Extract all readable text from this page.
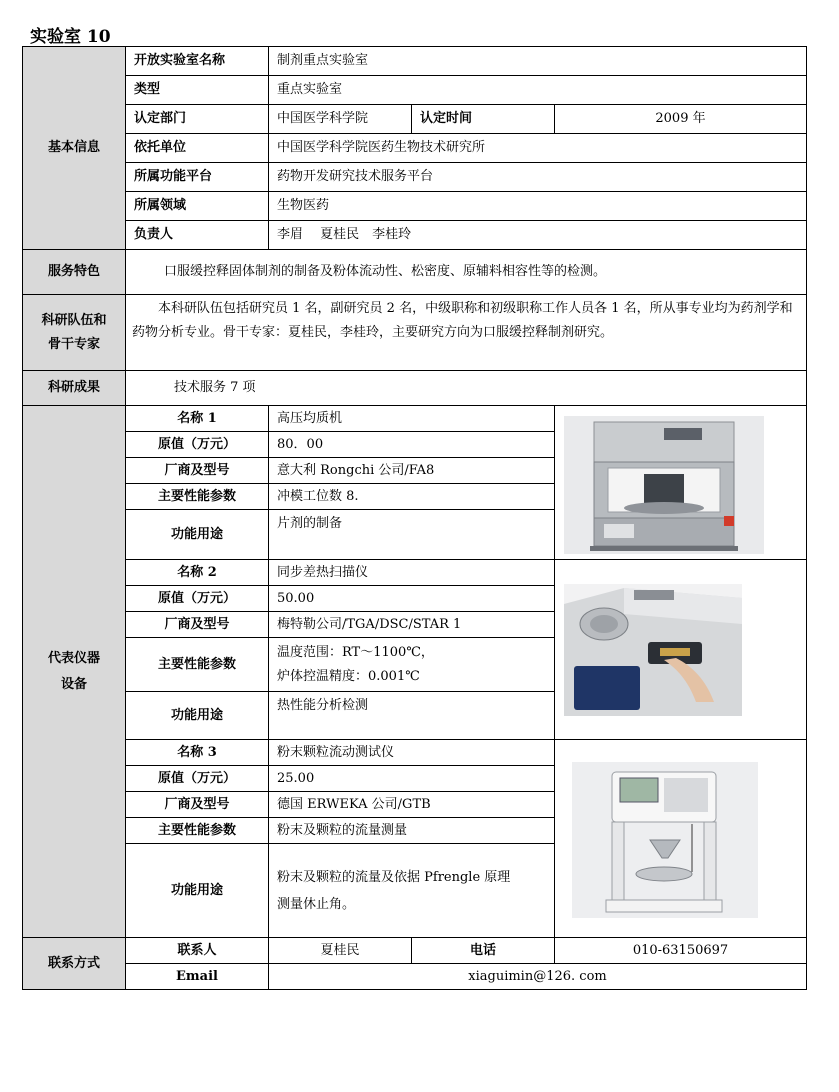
实验室 10
基本信息	开放实验室名称	制剂重点实验室		
	类型	重点实验室		
	认定部门	中国医学科学院	认定时间	2009 年
	依托单位	中国医学科学院医药生物技术研究所		
	所属功能平台	药物开发研究技术服务平台		
	所属领域	生物医药		
	负责人	李眉　 夏桂民　李桂玲		
服务特色	口服缓控释固体制剂的制备及粉体流动性、松密度、原辅料相容性等的检测。			

科研队伍和
骨干专家	本科研队伍包括研究员 1 名，副研究员 2 名，中级职称和初级职称工作人员各 1 名，所从事专业均为药剂学和药物分析专业。骨干专家：夏桂民，李桂玲，主要研究方向为口服缓控释制剂研究。			
科研成果	技术服务 7 项			

代表仪器
设备	名称 1	高压均质机	

	原值（万元）	80．00		
	厂商及型号	意大利 Rongchi 公司/FA8		
	主要性能参数	冲模工位数 8.		
	功能用途	片剂的制备		
	名称 2	同步差热扫描仪	

	原值（万元）	50.00		
	厂商及型号	梅特勒公司/TGA/DSC/STAR 1		
	主要性能参数	温度范围：RT～1100℃，
炉体控温精度：0.001℃		

	功能用途	热性能分析检测		
	名称 3	粉末颗粒流动测试仪	

	原值（万元）	25.00		
	厂商及型号	德国 ERWEKA 公司/GTB		
	主要性能参数	粉末及颗粒的流量测量		
	功能用途	粉末及颗粒的流量及依据 Pfrengle 原理
测量休止角。		

联系方式	联系人	夏桂民	电话	010-63150697
	Email	xiaguimin@126. com		
